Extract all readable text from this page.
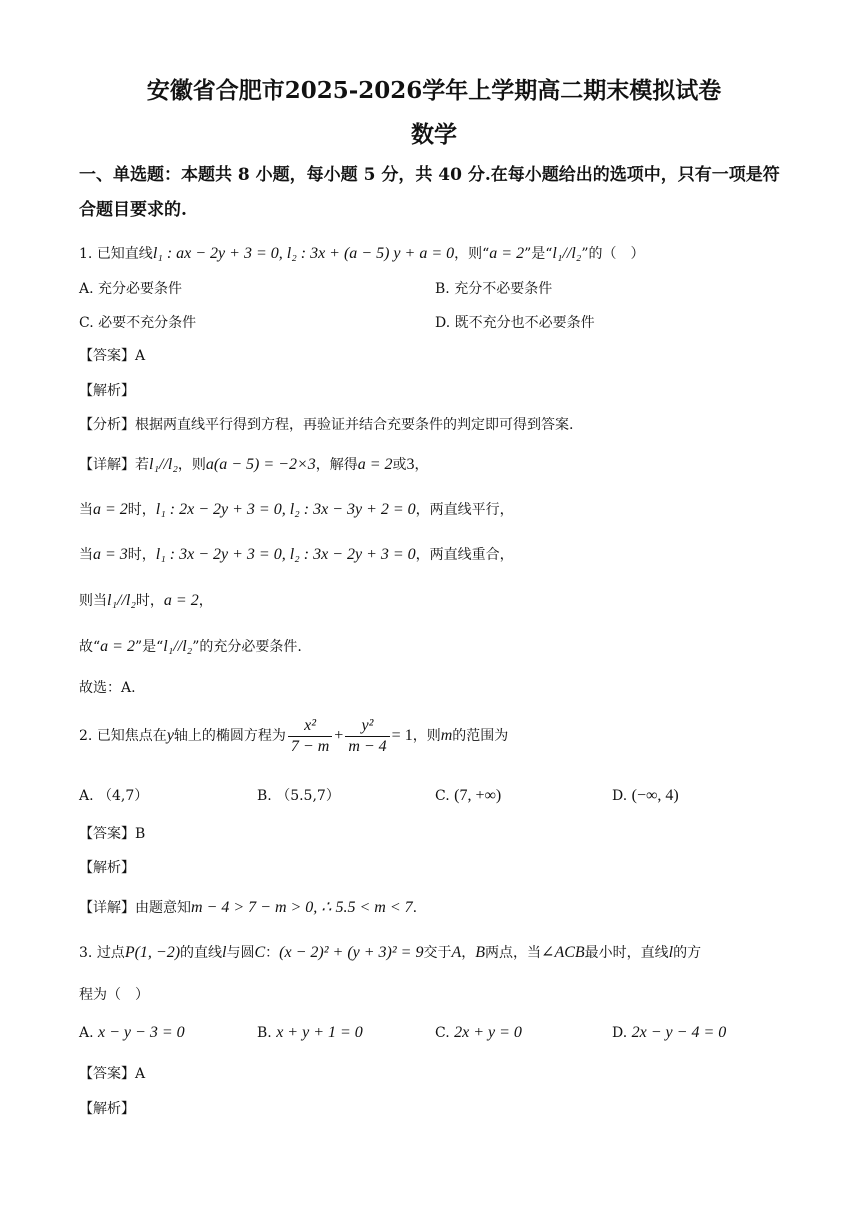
安徽省合肥市2025-2026学年上学期高二期末模拟试卷
数学
一、单选题：本题共 8 小题，每小题 5 分，共 40 分.在每小题给出的选项中，只有一项是符
合题目要求的.
1. 已知直线l₁ : ax − 2y + 3 = 0, l₂ : 3x + (a − 5) y + a = 0，则“a = 2”是“l₁//l₂”的（　）
A. 充分必要条件	B. 充分不必要条件
C. 必要不充分条件	D. 既不充分也不必要条件
【答案】A
【解析】
【分析】根据两直线平行得到方程，再验证并结合充要条件的判定即可得到答案.
【详解】若l₁//l₂，则a(a − 5) = −2×3，解得a = 2或3，
当a = 2时，l₁ : 2x − 2y + 3 = 0, l₂ : 3x − 3y + 2 = 0，两直线平行，
当a = 3时，l₁ : 3x − 2y + 3 = 0, l₂ : 3x − 2y + 3 = 0，两直线重合，
则当l₁//l₂时，a = 2，
故“a = 2”是“l₁//l₂”的充分必要条件.
故选：A.
2. 已知焦点在y轴上的椭圆方程为 $\frac{\text{x²}}{7 - m} + \frac{\text{y²}}{m - 4} = 1$，则m的范围为
A. （4,7）	B. （5.5,7）	C. (7, +∞)	D. (−∞, 4)
【答案】B
【解析】
【详解】由题意知m − 4 > 7 − m > 0, ∴ 5.5 < m < 7.
3. 过点P(1, −2)的直线l与圆C：(x − 2)² + (y + 3)² = 9交于A，B两点，当∠ACB最小时，直线l的方
程为（　）
A. x − y − 3 = 0	B. x + y + 1 = 0	C. 2x + y = 0	D. 2x − y − 4 = 0
【答案】A
【解析】
